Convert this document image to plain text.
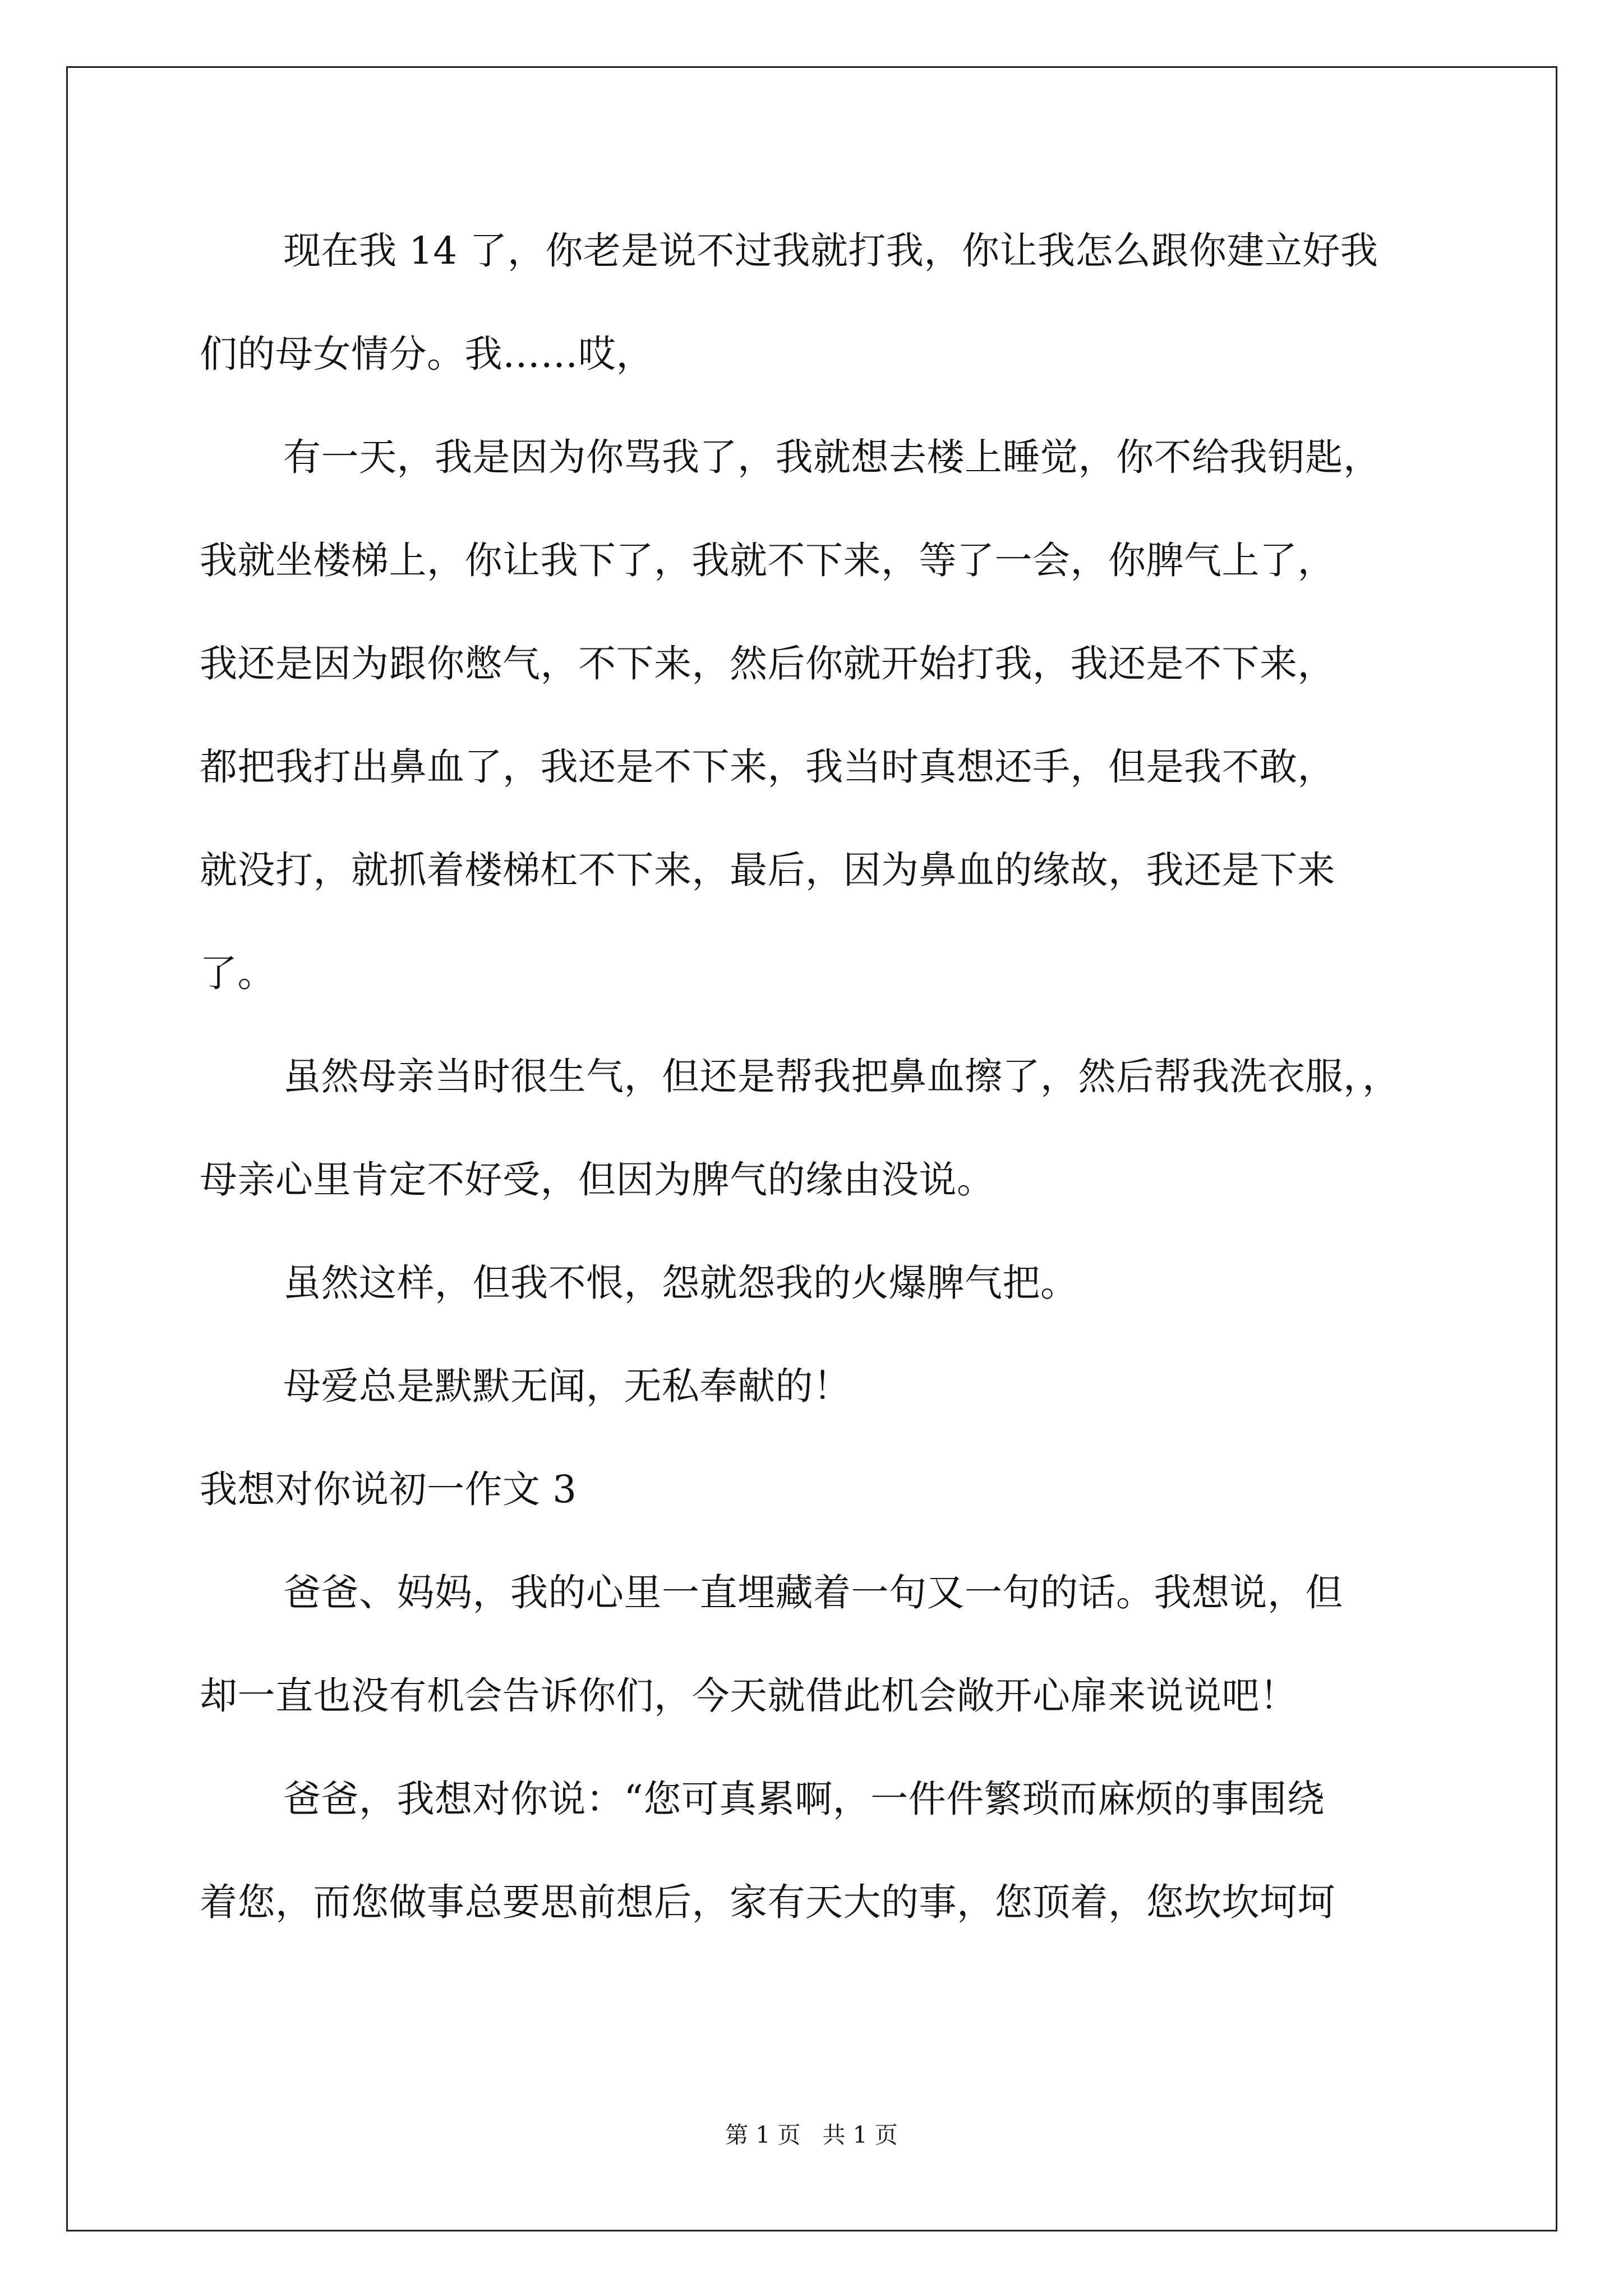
现在我 14 了，你老是说不过我就打我，你让我怎么跟你建立好我
们的母女情分。我……哎，
有一天，我是因为你骂我了，我就想去楼上睡觉，你不给我钥匙，
我就坐楼梯上，你让我下了，我就不下来，等了一会，你脾气上了，
我还是因为跟你憋气，不下来，然后你就开始打我，我还是不下来，
都把我打出鼻血了，我还是不下来，我当时真想还手，但是我不敢，
就没打，就抓着楼梯杠不下来，最后，因为鼻血的缘故，我还是下来
了。
虽然母亲当时很生气，但还是帮我把鼻血擦了，然后帮我洗衣服，，
母亲心里肯定不好受，但因为脾气的缘由没说。
虽然这样，但我不恨，怨就怨我的火爆脾气把。
母爱总是默默无闻，无私奉献的！
我想对你说初一作文 3
爸爸、妈妈，我的心里一直埋藏着一句又一句的话。我想说，但
却一直也没有机会告诉你们，今天就借此机会敞开心扉来说说吧！
爸爸，我想对你说：“您可真累啊，一件件繁琐而麻烦的事围绕
着您，而您做事总要思前想后，家有天大的事，您顶着，您坎坎坷坷
第 1 页   共 1 页
